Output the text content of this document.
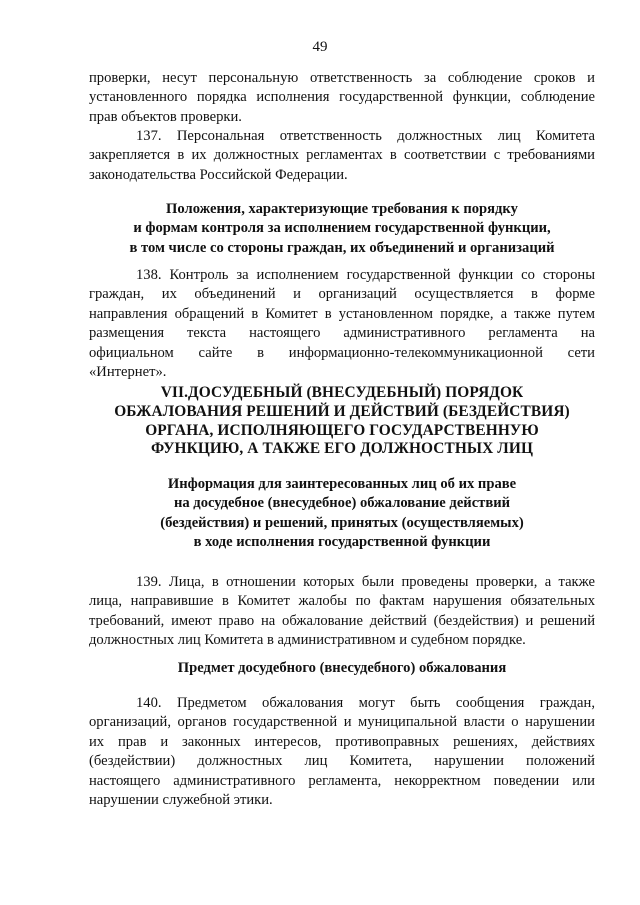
49
проверки, несут персональную ответственность за соблюдение сроков и
установленного порядка исполнения государственной функции, соблюдение
прав объектов проверки.
137. Персональная ответственность должностных лиц Комитета
закрепляется в их должностных регламентах в соответствии с требованиями
законодательства Российской Федерации.
Положения, характеризующие требования к порядку
и формам контроля за исполнением государственной функции,
в том числе со стороны граждан, их объединений и организаций
138. Контроль за исполнением государственной функции со стороны
граждан, их объединений и организаций осуществляется в форме
направления обращений в Комитет в установленном порядке, а также путем
размещения текста настоящего административного регламента на
официальном сайте в информационно-телекоммуникационной сети
«Интернет».
VII.ДОСУДЕБНЫЙ (ВНЕСУДЕБНЫЙ) ПОРЯДОК
ОБЖАЛОВАНИЯ РЕШЕНИЙ И ДЕЙСТВИЙ (БЕЗДЕЙСТВИЯ)
ОРГАНА, ИСПОЛНЯЮЩЕГО ГОСУДАРСТВЕННУЮ
ФУНКЦИЮ, А ТАКЖЕ ЕГО ДОЛЖНОСТНЫХ ЛИЦ
Информация для заинтересованных лиц об их праве
на досудебное (внесудебное) обжалование действий
(бездействия) и решений, принятых (осуществляемых)
в ходе исполнения государственной функции
139. Лица, в отношении которых были проведены проверки, а также
лица, направившие в Комитет жалобы по фактам нарушения обязательных
требований, имеют право на обжалование действий (бездействия) и решений
должностных лиц Комитета в административном и судебном порядке.
Предмет досудебного (внесудебного) обжалования
140. Предметом обжалования могут быть сообщения граждан,
организаций, органов государственной и муниципальной власти о нарушении
их прав и законных интересов, противоправных решениях, действиях
(бездействии) должностных лиц Комитета, нарушении положений
настоящего административного регламента, некорректном поведении или
нарушении служебной этики.
